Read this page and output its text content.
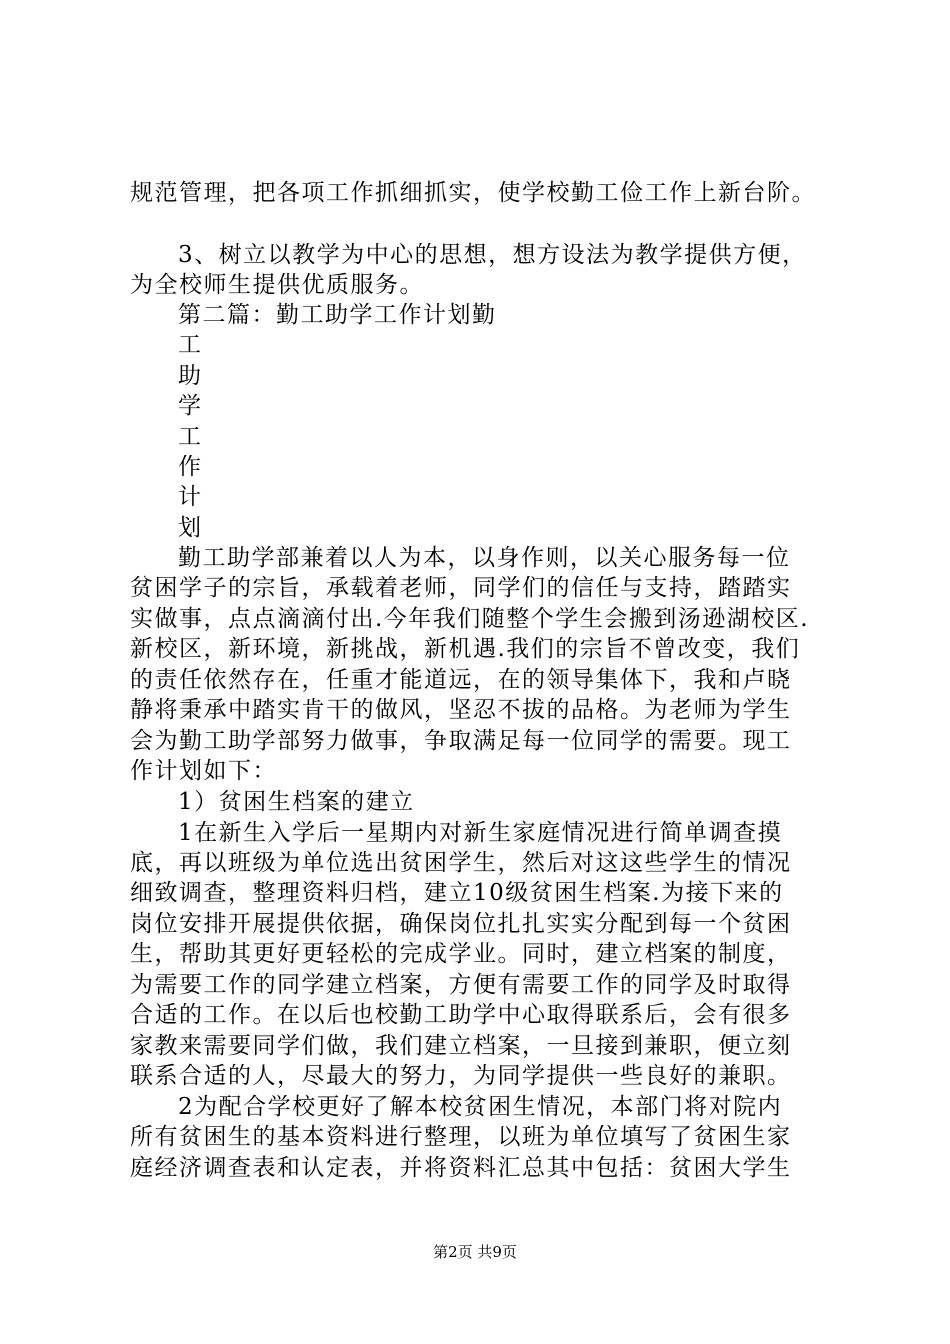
规范管理，把各项工作抓细抓实，使学校勤工俭工作上新台阶。
3、树立以教学为中心的思想，想方设法为教学提供方便，
为全校师生提供优质服务。
第二篇：勤工助学工作计划勤
工
助
学
工
作
计
划
勤工助学部兼着以人为本，以身作则，以关心服务每一位
贫困学子的宗旨，承载着老师，同学们的信任与支持，踏踏实
实做事，点点滴滴付出.今年我们随整个学生会搬到汤逊湖校区.
新校区，新环境，新挑战，新机遇.我们的宗旨不曾改变，我们
的责任依然存在，任重才能道远，在的领导集体下，我和卢晓
静将秉承中踏实肯干的做风，坚忍不拔的品格。为老师为学生
会为勤工助学部努力做事，争取满足每一位同学的需要。现工
作计划如下：
1）贫困生档案的建立
1在新生入学后一星期内对新生家庭情况进行简单调查摸
底，再以班级为单位选出贫困学生，然后对这这些学生的情况
细致调查，整理资料归档，建立10级贫困生档案.为接下来的
岗位安排开展提供依据，确保岗位扎扎实实分配到每一个贫困
生，帮助其更好更轻松的完成学业。同时，建立档案的制度，
为需要工作的同学建立档案，方便有需要工作的同学及时取得
合适的工作。在以后也校勤工助学中心取得联系后，会有很多
家教来需要同学们做，我们建立档案，一旦接到兼职，便立刻
联系合适的人，尽最大的努力，为同学提供一些良好的兼职。
2为配合学校更好了解本校贫困生情况，本部门将对院内
所有贫困生的基本资料进行整理，以班为单位填写了贫困生家
庭经济调查表和认定表，并将资料汇总其中包括：贫困大学生
第2页 共9页
